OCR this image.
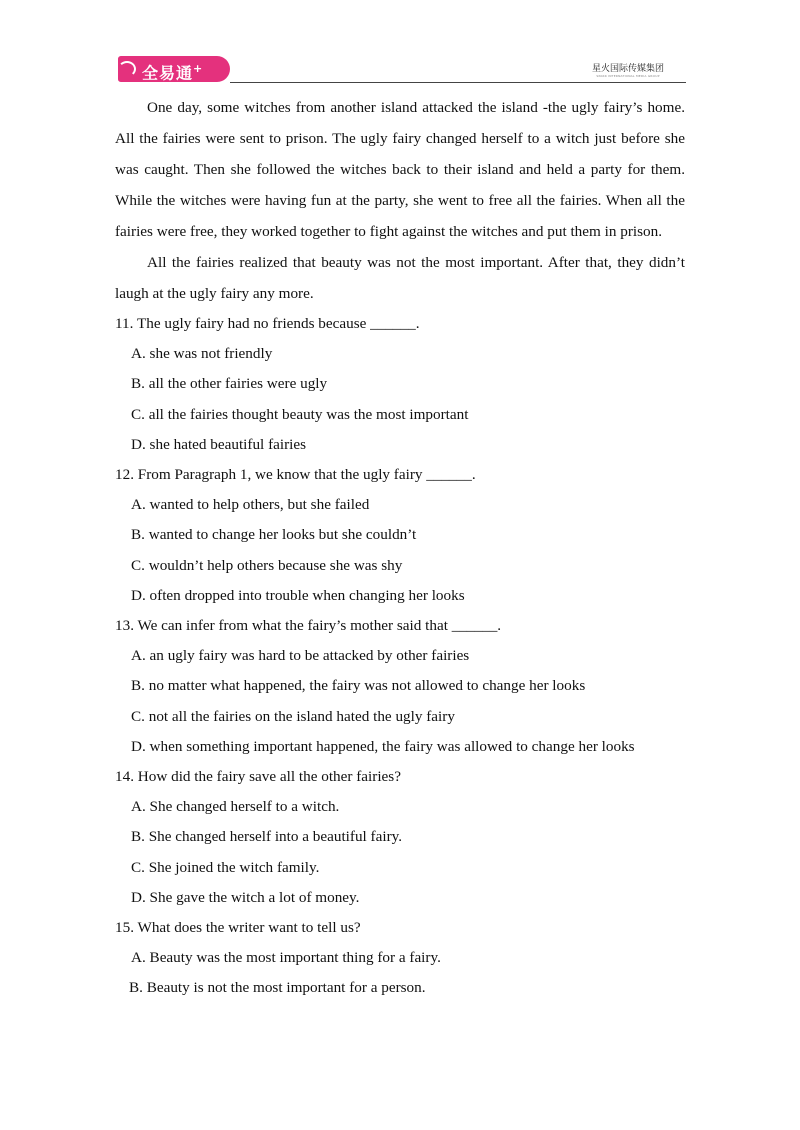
全易通+	星火国际传媒集团
SPARK INTERNATIONAL MEDIA GROUP

One day, some witches from another island attacked the island -the ugly fairy’s home. All the fairies were sent to prison. The ugly fairy changed herself to a witch just before she was caught. Then she followed the witches back to their island and held a party for them. While the witches were having fun at the party, she went to free all the fairies. When all the fairies were free, they worked together to fight against the witches and put them in prison.

All the fairies realized that beauty was not the most important. After that, they didn’t laugh at the ugly fairy any more.

11. The ugly fairy had no friends because ______.

A. she was not friendly

B. all the other fairies were ugly

C. all the fairies thought beauty was the most important

D. she hated beautiful fairies

12. From Paragraph 1, we know that the ugly fairy ______.

A. wanted to help others, but she failed

B. wanted to change her looks but she couldn’t

C. wouldn’t help others because she was shy

D. often dropped into trouble when changing her looks

13. We can infer from what the fairy’s mother said that ______.

A. an ugly fairy was hard to be attacked by other fairies

B. no matter what happened, the fairy was not allowed to change her looks

C. not all the fairies on the island hated the ugly fairy

D. when something important happened, the fairy was allowed to change her looks

14. How did the fairy save all the other fairies?

A. She changed herself to a witch.

B. She changed herself into a beautiful fairy.

C. She joined the witch family.

D. She gave the witch a lot of money.

15. What does the writer want to tell us?

A. Beauty was the most important thing for a fairy.

B. Beauty is not the most important for a person.
